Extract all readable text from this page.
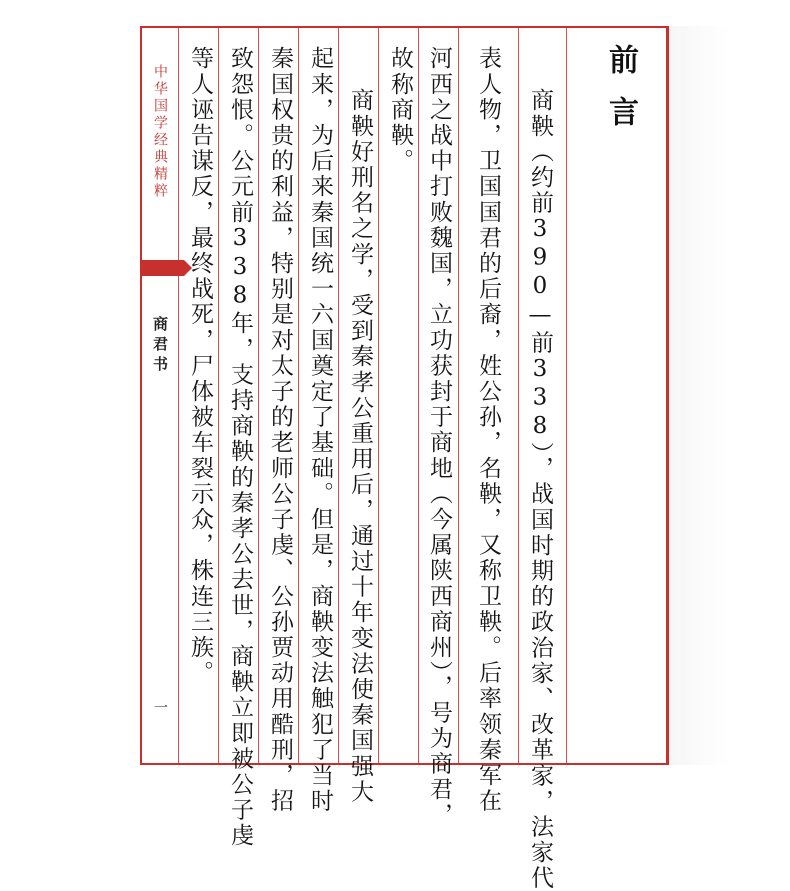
中华国学经典精粹
商君书
一
前言
商鞅（约前390—前338），战国时期的政治家、改革家，法家代
表人物，卫国国君的后裔，姓公孙，名鞅，又称卫鞅。后率领秦军在
河西之战中打败魏国，立功获封于商地（今属陕西商州），号为商君，
故称商鞅。
商鞅好刑名之学，受到秦孝公重用后，通过十年变法使秦国强大
起来，为后来秦国统一六国奠定了基础。但是，商鞅变法触犯了当时
秦国权贵的利益，特别是对太子的老师公子虔、公孙贾动用酷刑，招
致怨恨。公元前338年，支持商鞅的秦孝公去世，商鞅立即被公子虔
等人诬告谋反，最终战死，尸体被车裂示众，株连三族。
